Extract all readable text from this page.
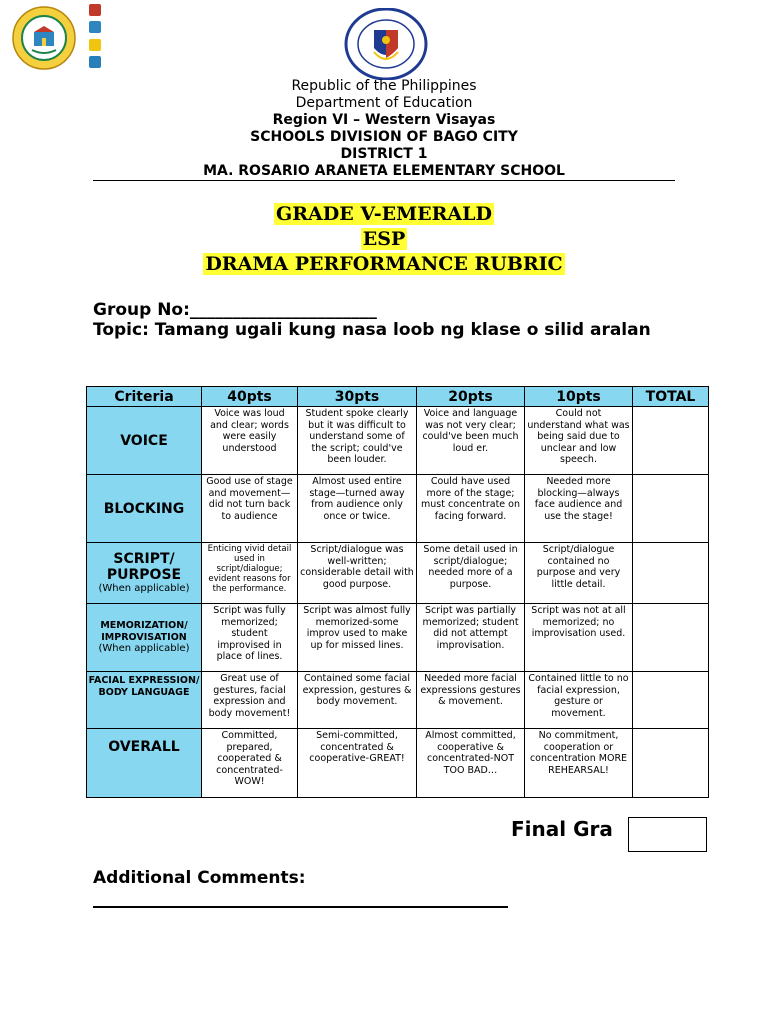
Republic of the Philippines
Department of Education
Region VI – Western Visayas
SCHOOLS DIVISION OF BAGO CITY
DISTRICT 1
MA. ROSARIO ARANETA ELEMENTARY SCHOOL
GRADE V-EMERALD
ESP
DRAMA PERFORMANCE RUBRIC
Group No:______________________
Topic: Tamang ugali kung nasa loob ng klase o silid aralan
Criteria	40pts	30pts	20pts	10pts	TOTAL

VOICE	Voice was loud and clear; words were easily understood	Student spoke clearly but it was difficult to understand some of the script; could've been louder.	Voice and language was not very clear; could've been much loud er.	Could not understand what was being said due to unclear and low speech.	

BLOCKING	Good use of stage and movement—did not turn back to audience	Almost used entire stage—turned away from audience only once or twice.	Could have used more of the stage; must concentrate on facing forward.	Needed more blocking—always face audience and use the stage!	

SCRIPT/ PURPOSE
(When applicable)	Enticing vivid detail used in script/dialogue; evident reasons for the performance.	Script/dialogue was well-written; considerable detail with good purpose.	Some detail used in script/dialogue; needed more of a purpose.	Script/dialogue contained no purpose and very little detail.	

MEMORIZATION/ IMPROVISATION
(When applicable)	Script was fully memorized; student improvised in place of lines.	Script was almost fully memorized-some improv used to make up for missed lines.	Script was partially memorized; student did not attempt improvisation.	Script was not at all memorized; no improvisation used.	

FACIAL EXPRESSION/ BODY LANGUAGE	Great use of gestures, facial expression and body movement!	Contained some facial expression, gestures & body movement.	Needed more facial expressions gestures & movement.	Contained little to no facial expression, gesture or movement.	

OVERALL	Committed, prepared, cooperated & concentrated-WOW!	Semi-committed, concentrated & cooperative-GREAT!	Almost committed, cooperative & concentrated-NOT TOO BAD…	No commitment, cooperation or concentration MORE REHEARSAL!	
Final Gra
Additional Comments:
